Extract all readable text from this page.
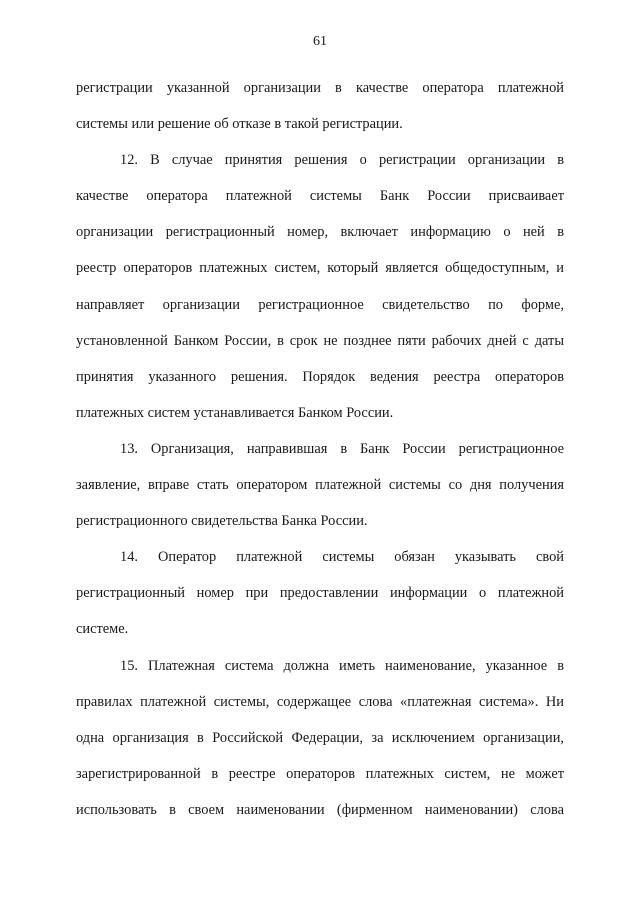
61

регистрации указанной организации в качестве оператора платежной
системы или решение об отказе в такой регистрации.

12. В случае принятия решения о регистрации организации в
качестве оператора платежной системы Банк России присваивает
организации регистрационный номер, включает информацию о ней в
реестр операторов платежных систем, который является общедоступным, и
направляет организации регистрационное свидетельство по форме,
установленной Банком России, в срок не позднее пяти рабочих дней с даты
принятия указанного решения. Порядок ведения реестра операторов
платежных систем устанавливается Банком России.

13. Организация, направившая в Банк России регистрационное
заявление, вправе стать оператором платежной системы со дня получения
регистрационного свидетельства Банка России.

14. Оператор платежной системы обязан указывать свой
регистрационный номер при предоставлении информации о платежной
системе.

15. Платежная система должна иметь наименование, указанное в
правилах платежной системы, содержащее слова «платежная система». Ни
одна организация в Российской Федерации, за исключением организации,
зарегистрированной в реестре операторов платежных систем, не может
использовать в своем наименовании (фирменном наименовании) слова
